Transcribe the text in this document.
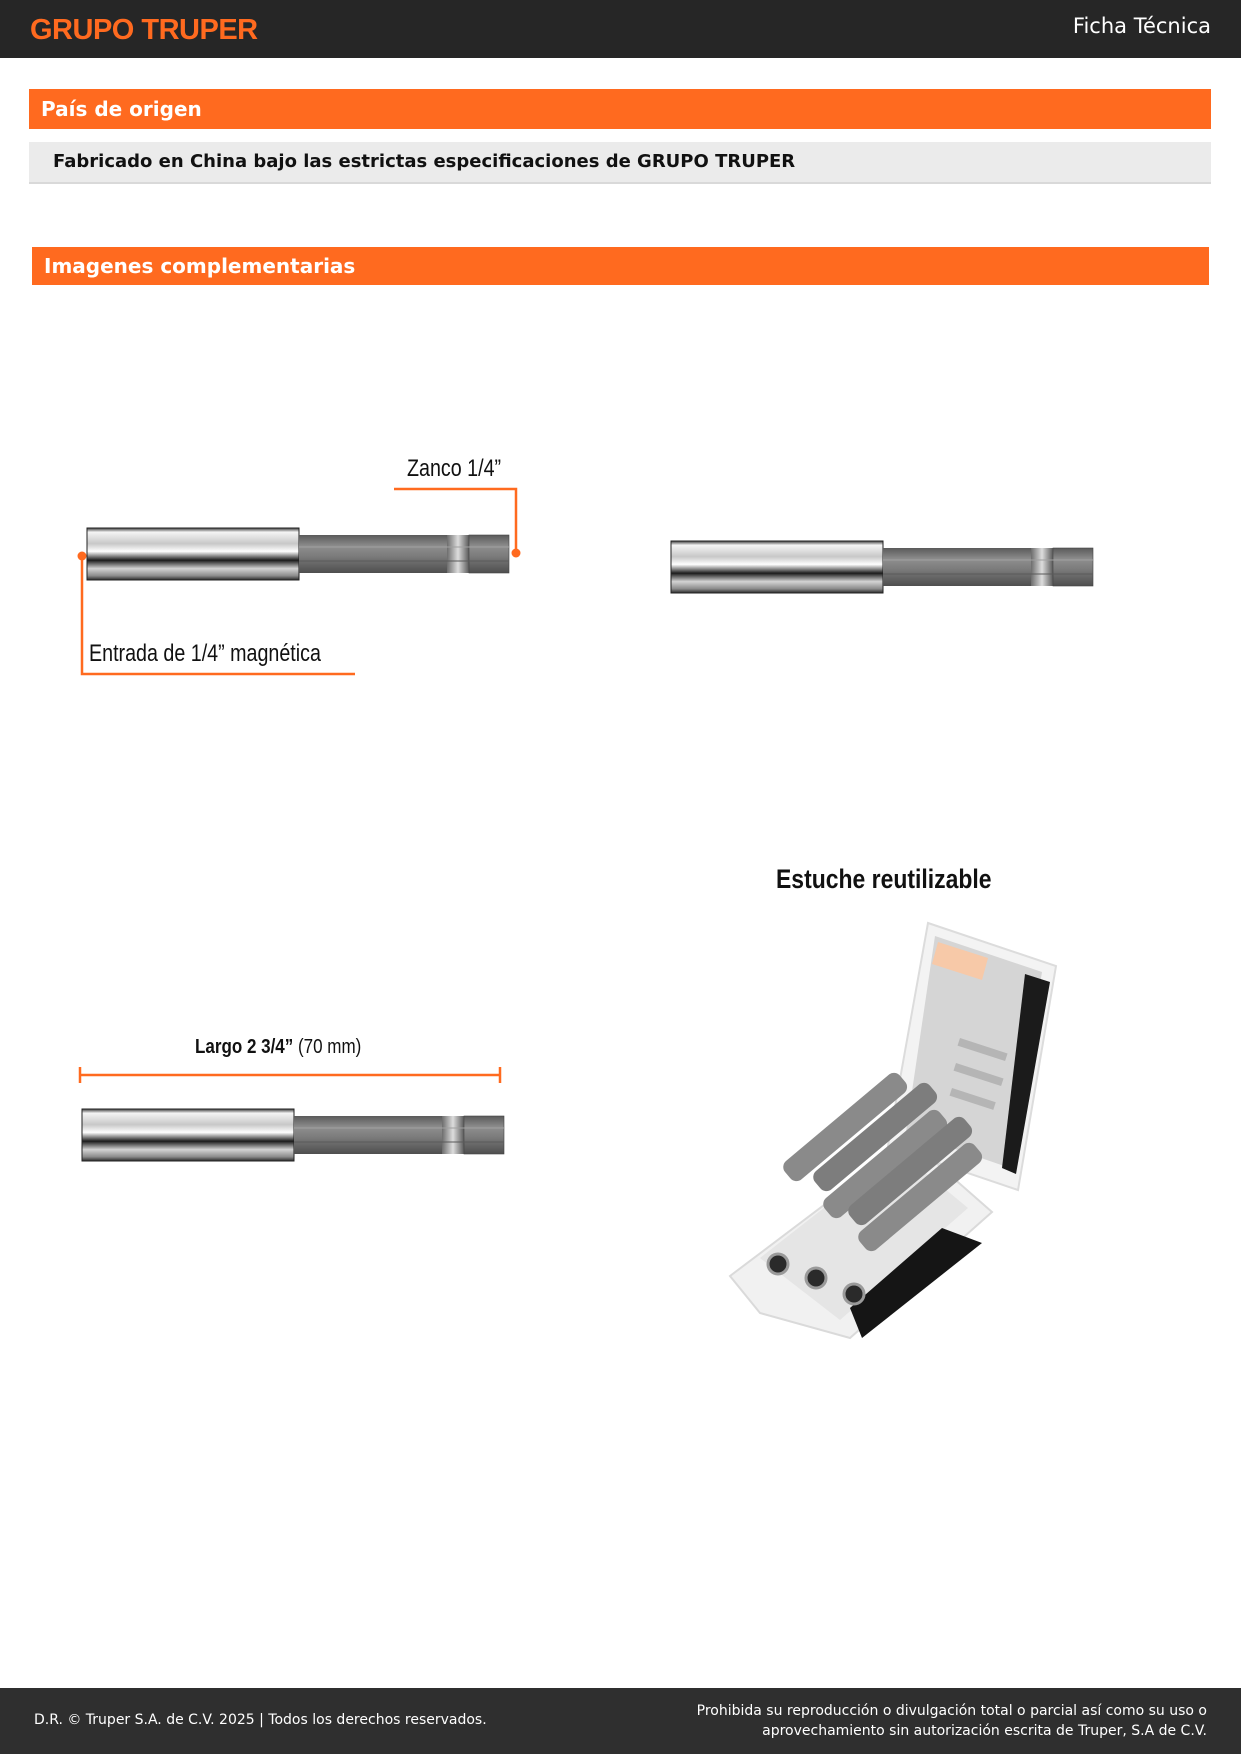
GRUPO TRUPER	Ficha Técnica
País de origen
Fabricado en China bajo las estrictas especificaciones de GRUPO TRUPER
Imagenes complementarias
Zanco 1/4”
Entrada de 1/4” magnética
Largo 2 3/4” (70 mm)
Estuche reutilizable
D.R. © Truper S.A. de C.V. 2025 | Todos los derechos reservados.
Prohibida su reproducción o divulgación total o parcial así como su uso o
aprovechamiento sin autorización escrita de Truper, S.A de C.V.
